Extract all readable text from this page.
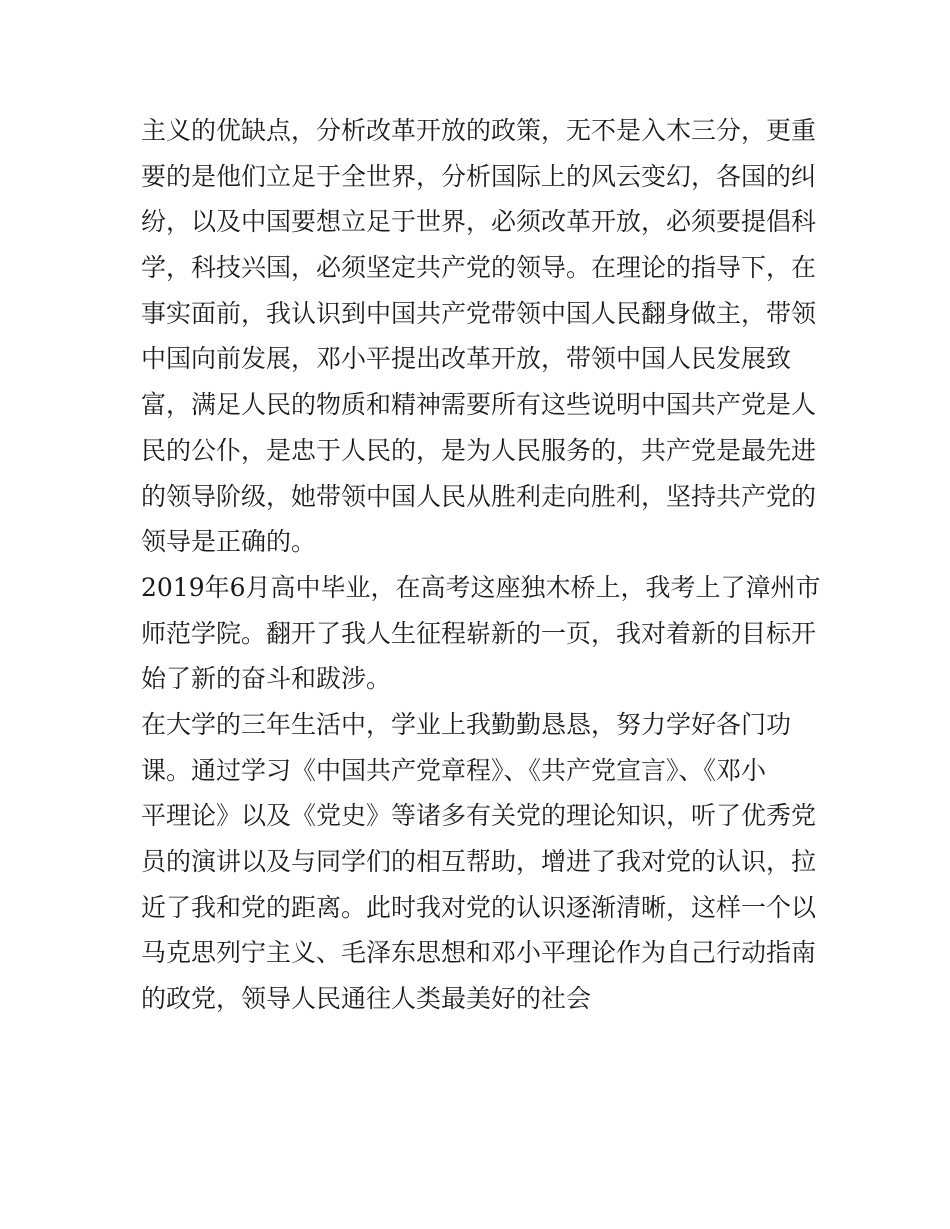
主义的优缺点，分析改革开放的政策，无不是入木三分，更重
要的是他们立足于全世界，分析国际上的风云变幻，各国的纠
纷，以及中国要想立足于世界，必须改革开放，必须要提倡科
学，科技兴国，必须坚定共产党的领导。在理论的指导下，在
事实面前，我认识到中国共产党带领中国人民翻身做主，带领
中国向前发展，邓小平提出改革开放，带领中国人民发展致
富，满足人民的物质和精神需要所有这些说明中国共产党是人
民的公仆，是忠于人民的，是为人民服务的，共产党是最先进
的领导阶级，她带领中国人民从胜利走向胜利，坚持共产党的
领导是正确的。
2019年6月高中毕业，在高考这座独木桥上，我考上了漳州市
师范学院。翻开了我人生征程崭新的一页，我对着新的目标开
始了新的奋斗和跋涉。
在大学的三年生活中，学业上我勤勤恳恳，努力学好各门功
课。通过学习《中国共产党章程》、《共产党宣言》、《邓小
平理论》以及《党史》等诸多有关党的理论知识，听了优秀党
员的演讲以及与同学们的相互帮助，增进了我对党的认识，拉
近了我和党的距离。此时我对党的认识逐渐清晰，这样一个以
马克思列宁主义、毛泽东思想和邓小平理论作为自己行动指南
的政党，领导人民通往人类最美好的社会
